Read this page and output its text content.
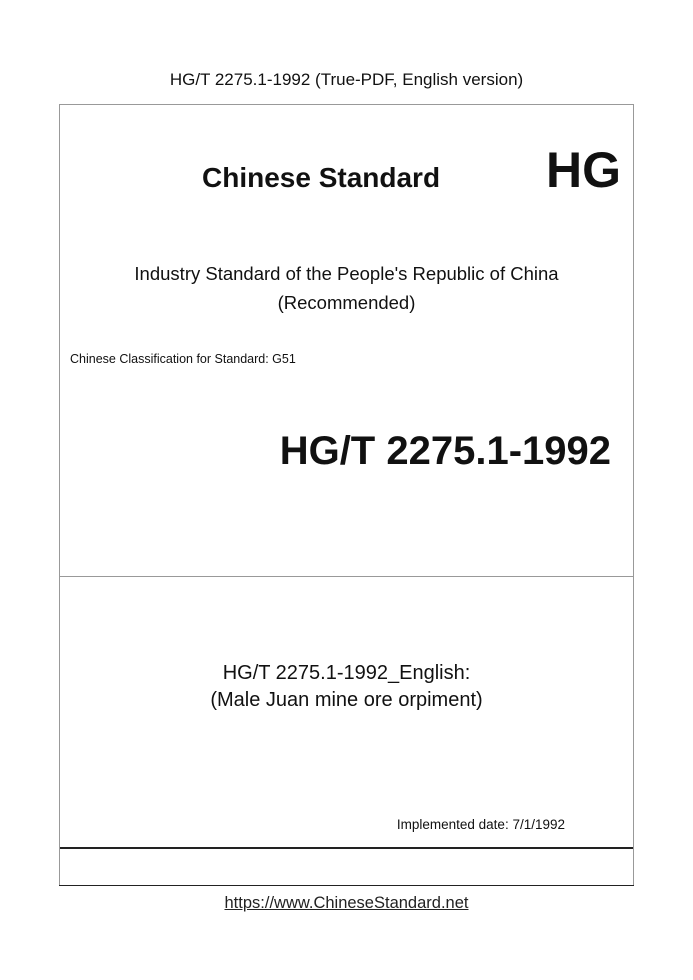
HG/T 2275.1-1992 (True-PDF, English version)
Chinese Standard HG
Industry Standard of the People's Republic of China
(Recommended)
Chinese Classification for Standard: G51
HG/T 2275.1-1992
HG/T 2275.1-1992_English:
(Male Juan mine ore orpiment)
Implemented date: 7/1/1992
https://www.ChineseStandard.net
